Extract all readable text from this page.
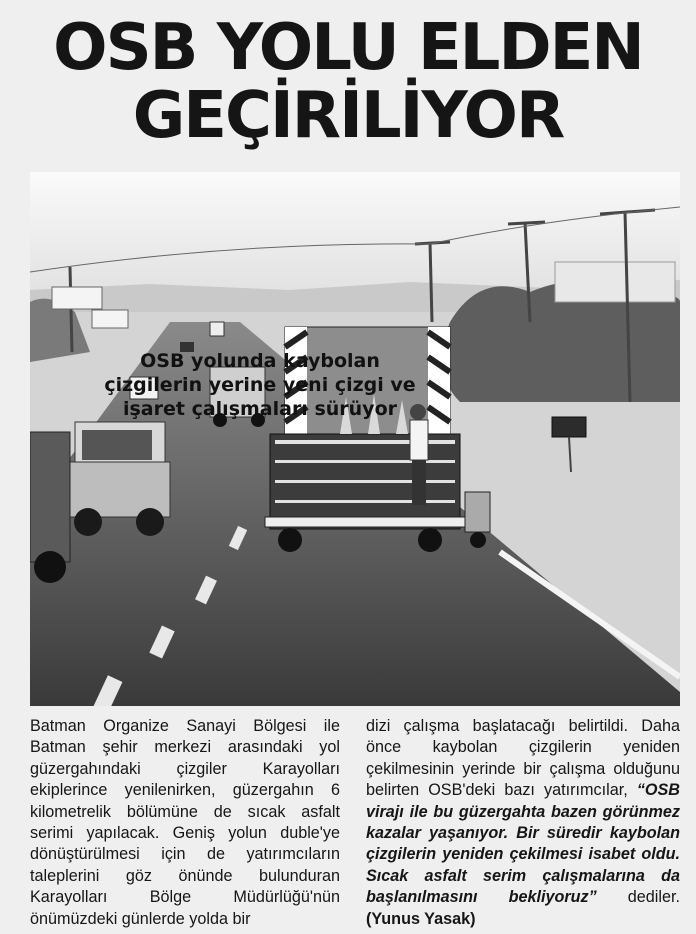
OSB YOLU ELDEN
GEÇİRİLİYOR
OSB yolunda kaybolan
çizgilerin yerine yeni çizgi ve
işaret çalışmaları sürüyor
Batman Organize Sanayi Bölgesi ile Batman şehir merkezi arasındaki yol güzergahındaki çizgiler Karayolları ekiplerince yenilenirken, güzergahın 6 kilometrelik bölümüne de sıcak asfalt serimi yapılacak. Geniş yolun duble'ye dönüştürülmesi için de yatırımcıların taleplerini göz önünde bulunduran Karayolları Bölge Müdürlüğü'nün önümüzdeki günlerde yolda bir
dizi çalışma başlatacağı belirtildi. Daha önce kaybolan çizgilerin yeniden çekilmesinin yerinde bir çalışma olduğunu belirten OSB'deki bazı yatırımcılar, “OSB virajı ile bu güzergahta bazen görünmez kazalar yaşanıyor. Bir süredir kaybolan çizgilerin yeniden çekilmesi isabet oldu. Sıcak asfalt serim çalışmalarına da başlanılmasını bekliyoruz” dediler. (Yunus Yasak)
